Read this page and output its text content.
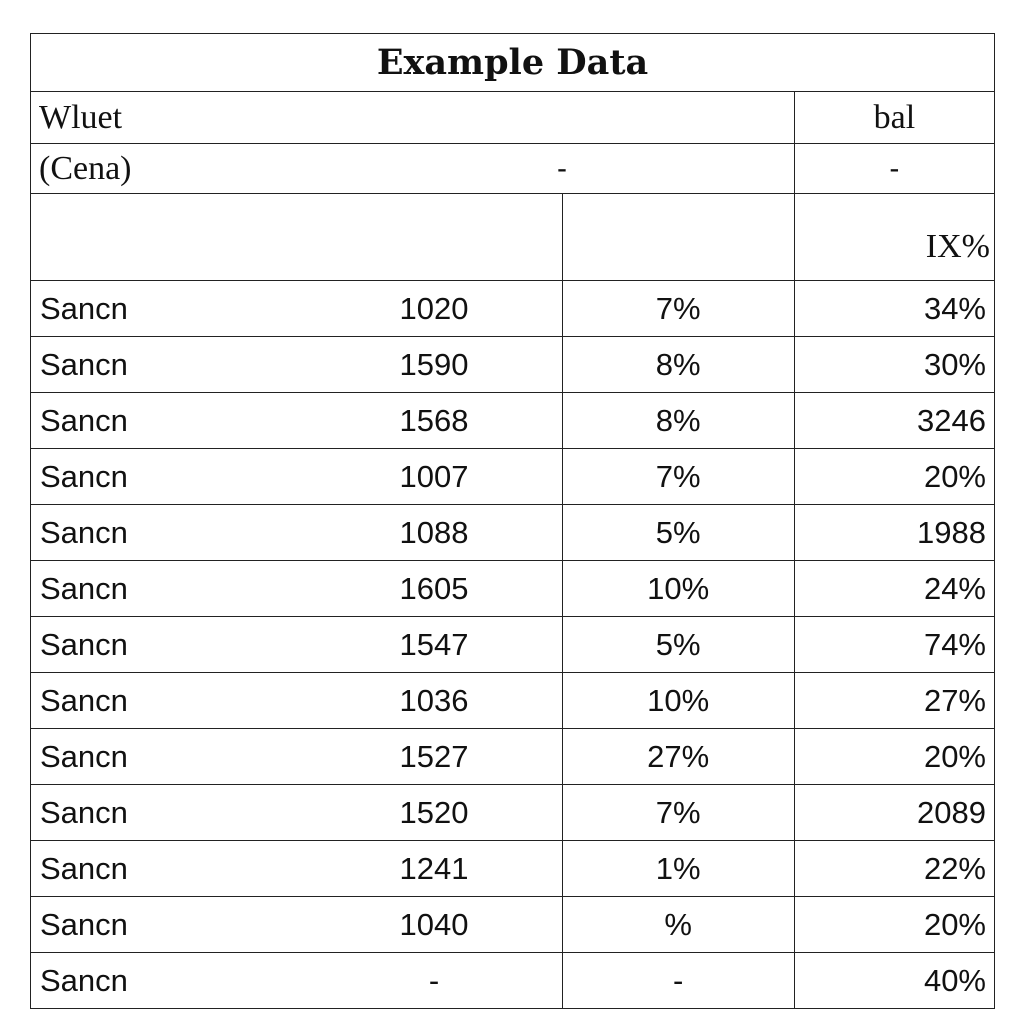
Example Data		
Wluet		bal

(Cena) -		-
		IX%

Sancn 1020	7%	34%

Sancn 1590	8%	30%

Sancn 1568	8%	3246

Sancn 1007	7%	20%

Sancn 1088	5%	1988

Sancn 1605	10%	24%

Sancn 1547	5%	74%

Sancn 1036	10%	27%

Sancn 1527	27%	20%

Sancn 1520	7%	2089

Sancn 1241	1%	22%

Sancn 1040	%	20%

Sancn -	-	40%
